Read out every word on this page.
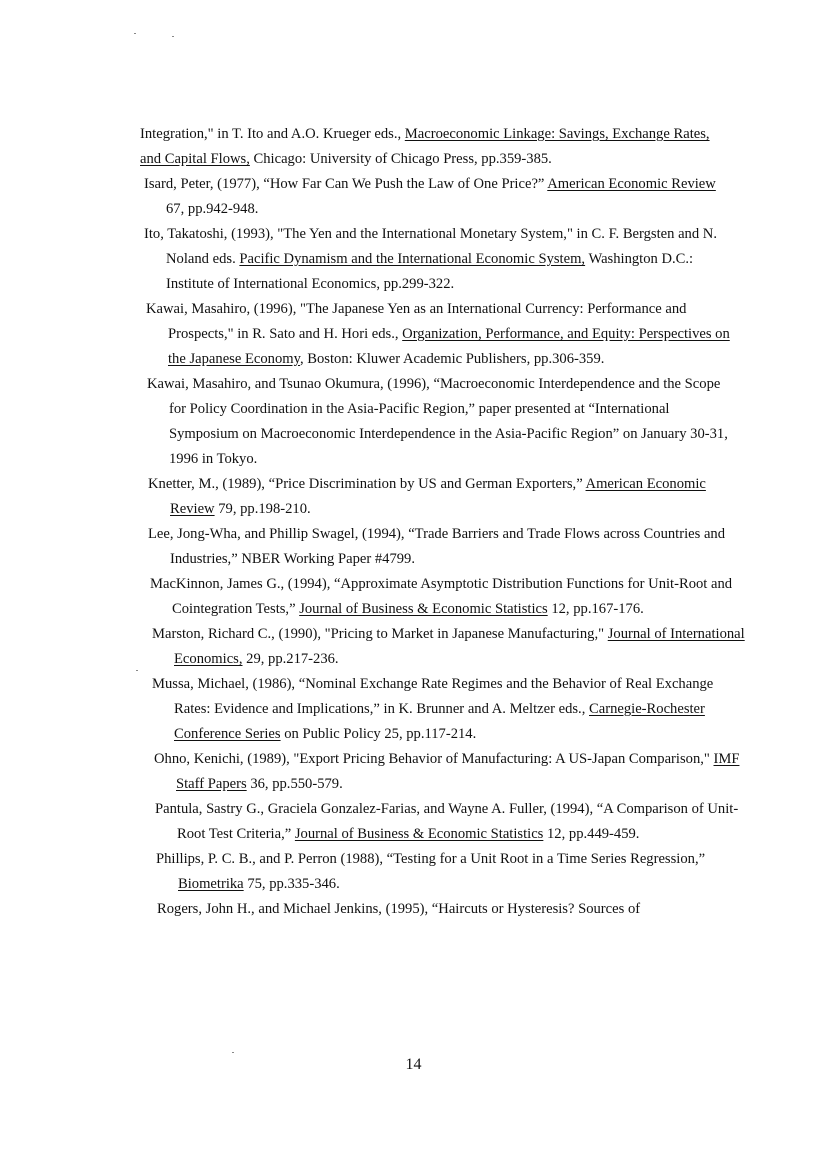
Integration," in T. Ito and A.O. Krueger eds., Macroeconomic Linkage: Savings, Exchange Rates, and Capital Flows, Chicago: University of Chicago Press, pp.359-385.

Isard, Peter, (1977), “How Far Can We Push the Law of One Price?” American Economic Review 67, pp.942-948.

Ito, Takatoshi, (1993), "The Yen and the International Monetary System," in C. F. Bergsten and N. Noland eds. Pacific Dynamism and the International Economic System, Washington D.C.: Institute of International Economics, pp.299-322.

Kawai, Masahiro, (1996), "The Japanese Yen as an International Currency: Performance and Prospects," in R. Sato and H. Hori eds., Organization, Performance, and Equity: Perspectives on the Japanese Economy, Boston: Kluwer Academic Publishers, pp.306-359.

Kawai, Masahiro, and Tsunao Okumura, (1996), “Macroeconomic Interdependence and the Scope for Policy Coordination in the Asia-Pacific Region,” paper presented at “International Symposium on Macroeconomic Interdependence in the Asia-Pacific Region” on January 30-31, 1996 in Tokyo.

Knetter, M., (1989), “Price Discrimination by US and German Exporters,” American Economic Review 79, pp.198-210.

Lee, Jong-Wha, and Phillip Swagel, (1994), “Trade Barriers and Trade Flows across Countries and Industries,” NBER Working Paper #4799.

MacKinnon, James G., (1994), “Approximate Asymptotic Distribution Functions for Unit-Root and Cointegration Tests,” Journal of Business & Economic Statistics 12, pp.167-176.

Marston, Richard C., (1990), "Pricing to Market in Japanese Manufacturing," Journal of International Economics, 29, pp.217-236.

Mussa, Michael, (1986), “Nominal Exchange Rate Regimes and the Behavior of Real Exchange Rates: Evidence and Implications,” in K. Brunner and A. Meltzer eds., Carnegie-Rochester Conference Series on Public Policy 25, pp.117-214.

Ohno, Kenichi, (1989), "Export Pricing Behavior of Manufacturing: A US-Japan Comparison," IMF Staff Papers 36, pp.550-579.

Pantula, Sastry G., Graciela Gonzalez-Farias, and Wayne A. Fuller, (1994), “A Comparison of Unit-Root Test Criteria,” Journal of Business & Economic Statistics 12, pp.449-459.

Phillips, P. C. B., and P. Perron (1988), “Testing for a Unit Root in a Time Series Regression,” Biometrika 75, pp.335-346.

Rogers, John H., and Michael Jenkins, (1995), “Haircuts or Hysteresis? Sources of

14
